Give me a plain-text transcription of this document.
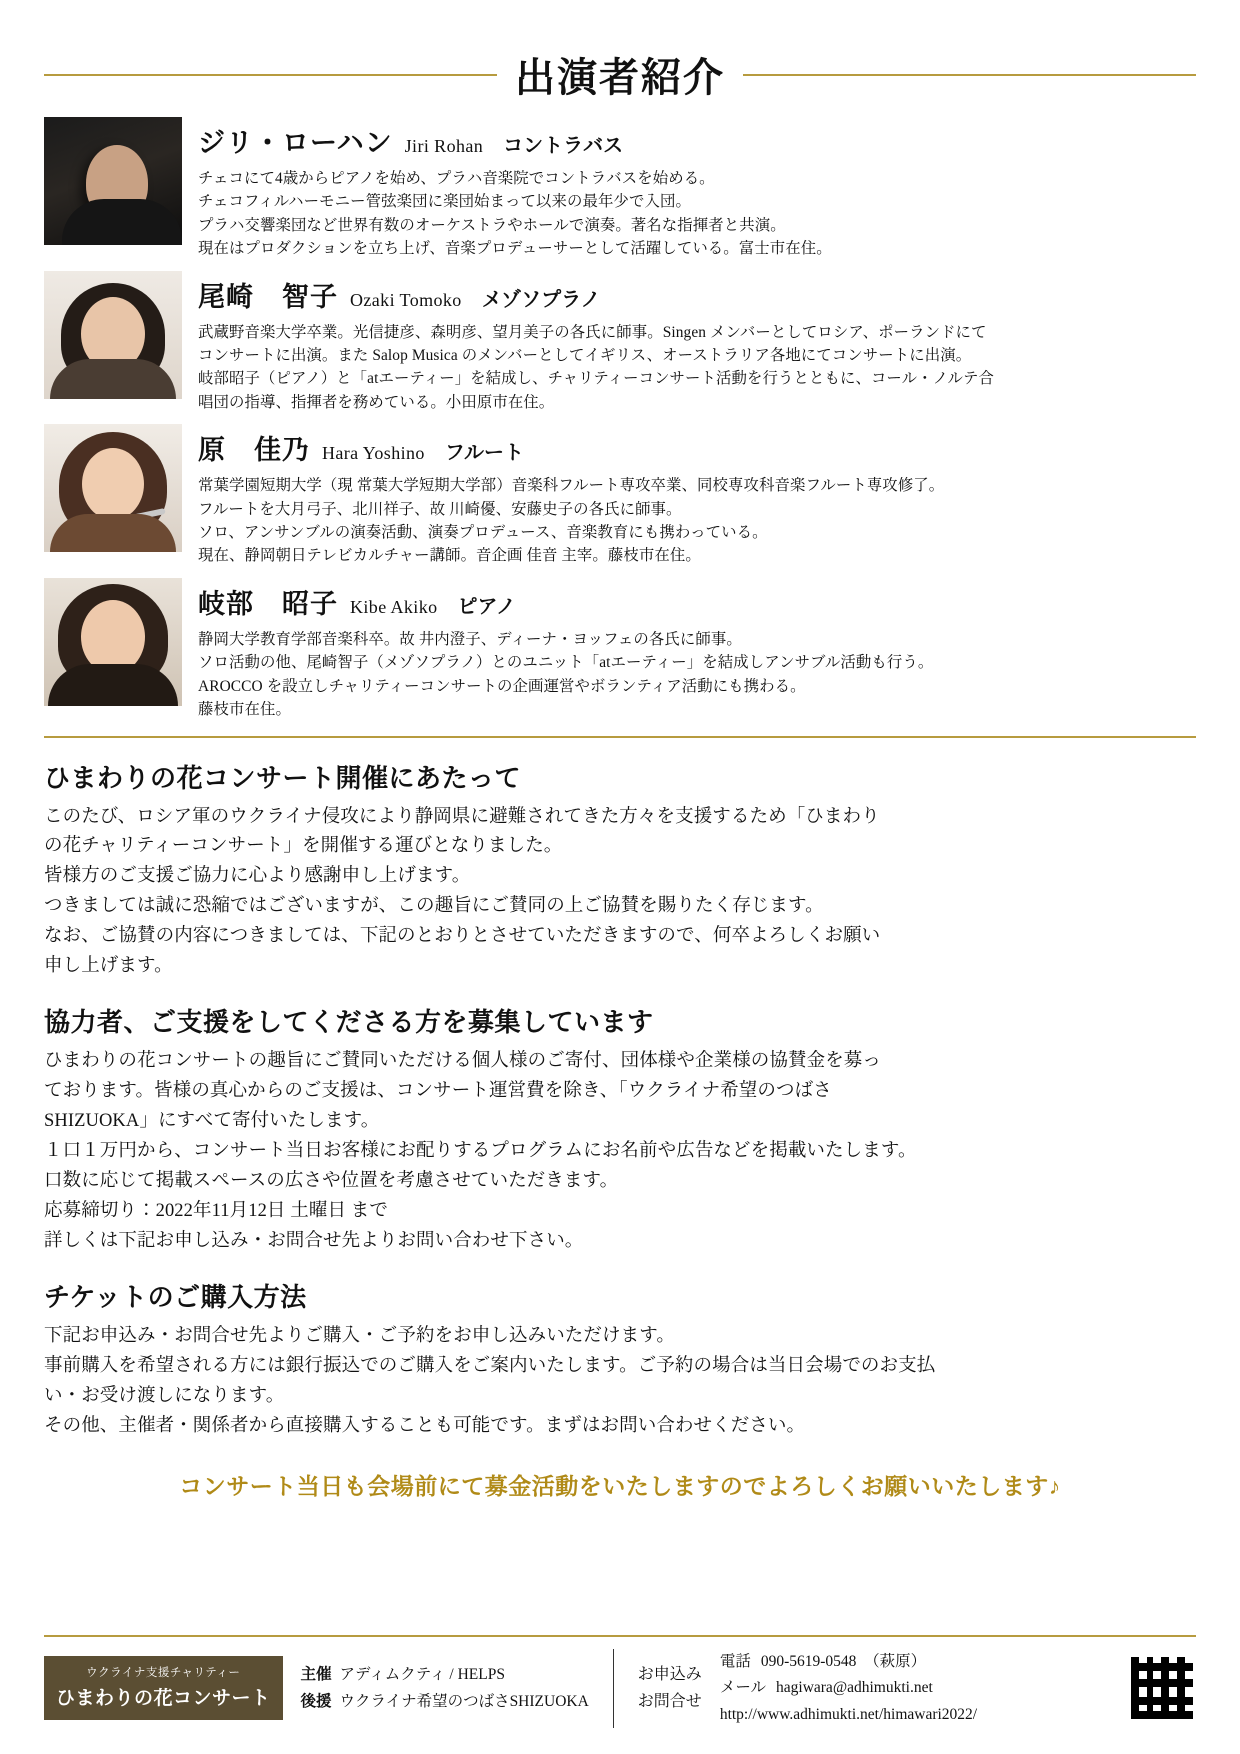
出演者紹介
ジリ・ローハン Jiri Rohan コントラバス
チェコにて4歳からピアノを始め、プラハ音楽院でコントラバスを始める。
チェコフィルハーモニー管弦楽団に楽団始まって以来の最年少で入団。
プラハ交響楽団など世界有数のオーケストラやホールで演奏。著名な指揮者と共演。
現在はプロダクションを立ち上げ、音楽プロデューサーとして活躍している。富士市在住。
尾崎　智子 Ozaki Tomoko メゾソプラノ
武蔵野音楽大学卒業。光信捷彦、森明彦、望月美子の各氏に師事。Singen メンバーとしてロシア、ポーランドにて
コンサートに出演。また Salop Musica のメンバーとしてイギリス、オーストラリア各地にてコンサートに出演。
岐部昭子（ピアノ）と「atエーティー」を結成し、チャリティーコンサート活動を行うとともに、コール・ノルテ合
唱団の指導、指揮者を務めている。小田原市在住。
原　佳乃 Hara Yoshino フルート
常葉学園短期大学（現 常葉大学短期大学部）音楽科フルート専攻卒業、同校専攻科音楽フルート専攻修了。
フルートを大月弓子、北川祥子、故 川崎優、安藤史子の各氏に師事。
ソロ、アンサンブルの演奏活動、演奏プロデュース、音楽教育にも携わっている。
現在、静岡朝日テレビカルチャー講師。音企画 佳音 主宰。藤枝市在住。
岐部　昭子 Kibe Akiko ピアノ
静岡大学教育学部音楽科卒。故 井内澄子、ディーナ・ヨッフェの各氏に師事。
ソロ活動の他、尾崎智子（メゾソプラノ）とのユニット「atエーティー」を結成しアンサブル活動も行う。
AROCCO を設立しチャリティーコンサートの企画運営やボランティア活動にも携わる。
藤枝市在住。
ひまわりの花コンサート開催にあたって

このたび、ロシア軍のウクライナ侵攻により静岡県に避難されてきた方々を支援するため「ひまわり
の花チャリティーコンサート」を開催する運びとなりました。
皆様方のご支援ご協力に心より感謝申し上げます。
つきましては誠に恐縮ではございますが、この趣旨にご賛同の上ご協賛を賜りたく存じます。
なお、ご協賛の内容につきましては、下記のとおりとさせていただきますので、何卒よろしくお願い
申し上げます。

協力者、ご支援をしてくださる方を募集しています

ひまわりの花コンサートの趣旨にご賛同いただける個人様のご寄付、団体様や企業様の協賛金を募っ
ております。皆様の真心からのご支援は、コンサート運営費を除き、「ウクライナ希望のつばさ
SHIZUOKA」にすべて寄付いたします。
１口１万円から、コンサート当日お客様にお配りするプログラムにお名前や広告などを掲載いたします。
口数に応じて掲載スペースの広さや位置を考慮させていただきます。
応募締切り：2022年11月12日 土曜日 まで
詳しくは下記お申し込み・お問合せ先よりお問い合わせ下さい。

チケットのご購入方法

下記お申込み・お問合せ先よりご購入・ご予約をお申し込みいただけます。
事前購入を希望される方には銀行振込でのご購入をご案内いたします。ご予約の場合は当日会場でのお支払
い・お受け渡しになります。
その他、主催者・関係者から直接購入することも可能です。まずはお問い合わせください。

コンサート当日も会場前にて募金活動をいたしますのでよろしくお願いいたします♪
ウクライナ支援チャリティー
ひまわりの花コンサート
主催 アディムクティ / HELPS
後援 ウクライナ希望のつばさSHIZUOKA
お申込み
お問合せ
電話 090-5619-0548　（萩原）
メール hagiwara@adhimukti.net
http://www.adhimukti.net/himawari2022/
